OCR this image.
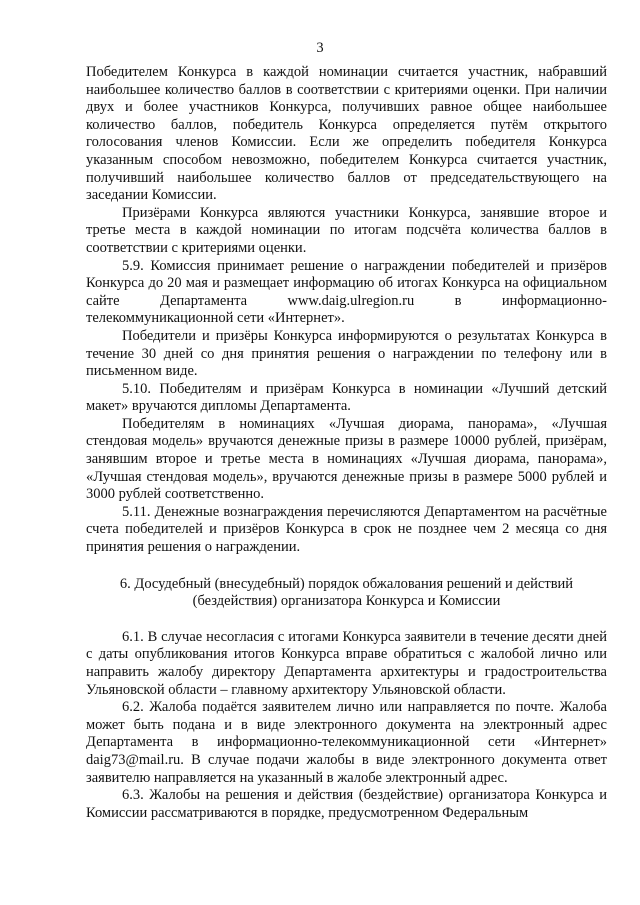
3

Победителем Конкурса в каждой номинации считается участник, набравший наибольшее количество баллов в соответствии с критериями оценки. При наличии двух и более участников Конкурса, получивших равное общее наибольшее количество баллов, победитель Конкурса определяется путём открытого голосования членов Комиссии. Если же определить победителя Конкурса указанным способом невозможно, победителем Конкурса считается участник, получивший наибольшее количество баллов от председательствующего на заседании Комиссии.

Призёрами Конкурса являются участники Конкурса, занявшие второе и третье места в каждой номинации по итогам подсчёта количества баллов в соответствии с критериями оценки.

5.9. Комиссия принимает решение о награждении победителей и призёров Конкурса до 20 мая и размещает информацию об итогах Конкурса на официальном сайте Департамента www.daig.ulregion.ru в информационно-телекоммуникационной сети «Интернет».

Победители и призёры Конкурса информируются о результатах Конкурса в течение 30 дней со дня принятия решения о награждении по телефону или в письменном виде.

5.10. Победителям и призёрам Конкурса в номинации «Лучший детский макет» вручаются дипломы Департамента.

Победителям в номинациях «Лучшая диорама, панорама», «Лучшая стендовая модель» вручаются денежные призы в размере 10000 рублей, призёрам, занявшим второе и третье места в номинациях «Лучшая диорама, панорама», «Лучшая стендовая модель», вручаются денежные призы в размере 5000 рублей и 3000 рублей соответственно.

5.11. Денежные вознаграждения перечисляются Департаментом на расчётные счета победителей и призёров Конкурса в срок не позднее чем 2 месяца со дня принятия решения о награждении.

6. Досудебный (внесудебный) порядок обжалования решений и действий
(бездействия) организатора Конкурса и Комиссии

6.1. В случае несогласия с итогами Конкурса заявители в течение десяти дней с даты опубликования итогов Конкурса вправе обратиться с жалобой лично или направить жалобу директору Департамента архитектуры и градостроительства Ульяновской области – главному архитектору Ульяновской области.

6.2. Жалоба подаётся заявителем лично или направляется по почте. Жалоба может быть подана и в виде электронного документа на электронный адрес Департамента в информационно-телекоммуникационной сети «Интернет» daig73@mail.ru. В случае подачи жалобы в виде электронного документа ответ заявителю направляется на указанный в жалобе электронный адрес.

6.3. Жалобы на решения и действия (бездействие) организатора Конкурса и Комиссии рассматриваются в порядке, предусмотренном Федеральным
